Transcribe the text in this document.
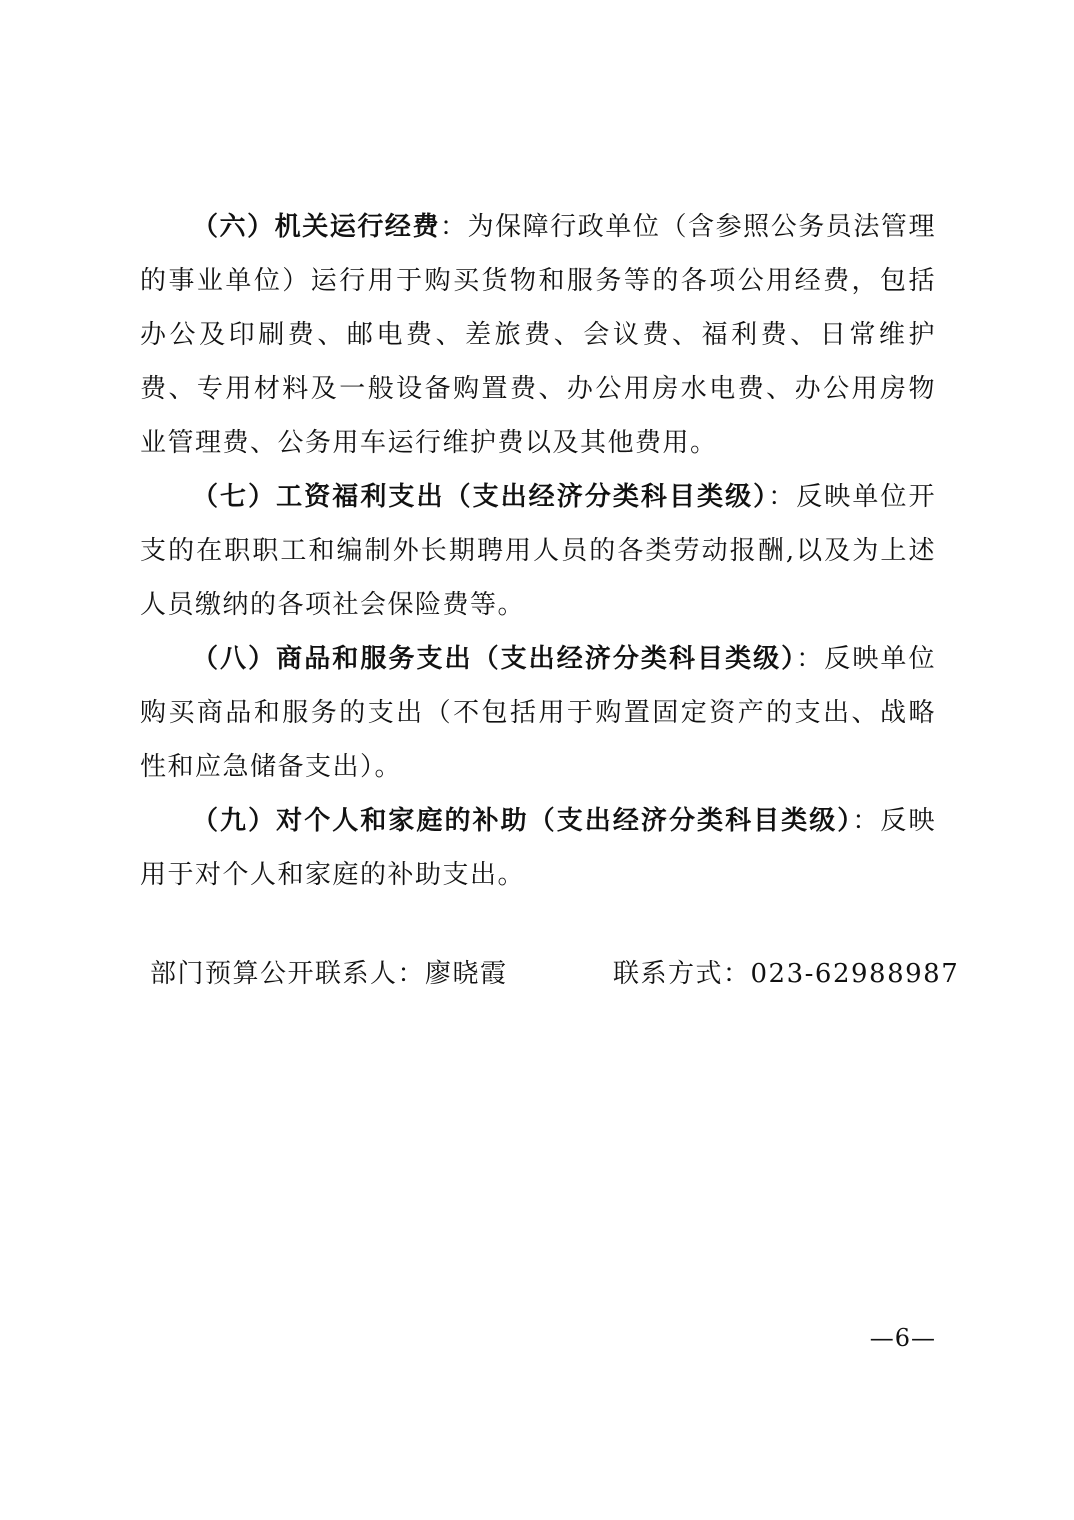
（六）机关运行经费：为保障行政单位（含参照公务员法管理的事业单位）运行用于购买货物和服务等的各项公用经费，包括办公及印刷费、邮电费、差旅费、会议费、福利费、日常维护费、专用材料及一般设备购置费、办公用房水电费、办公用房物业管理费、公务用车运行维护费以及其他费用。

（七）工资福利支出（支出经济分类科目类级）：反映单位开支的在职职工和编制外长期聘用人员的各类劳动报酬,以及为上述人员缴纳的各项社会保险费等。

（八）商品和服务支出（支出经济分类科目类级）：反映单位购买商品和服务的支出（不包括用于购置固定资产的支出、战略性和应急储备支出）。

（九）对个人和家庭的补助（支出经济分类科目类级）：反映用于对个人和家庭的补助支出。

部门预算公开联系人：廖晓霞	联系方式：023-62988987
—6—
